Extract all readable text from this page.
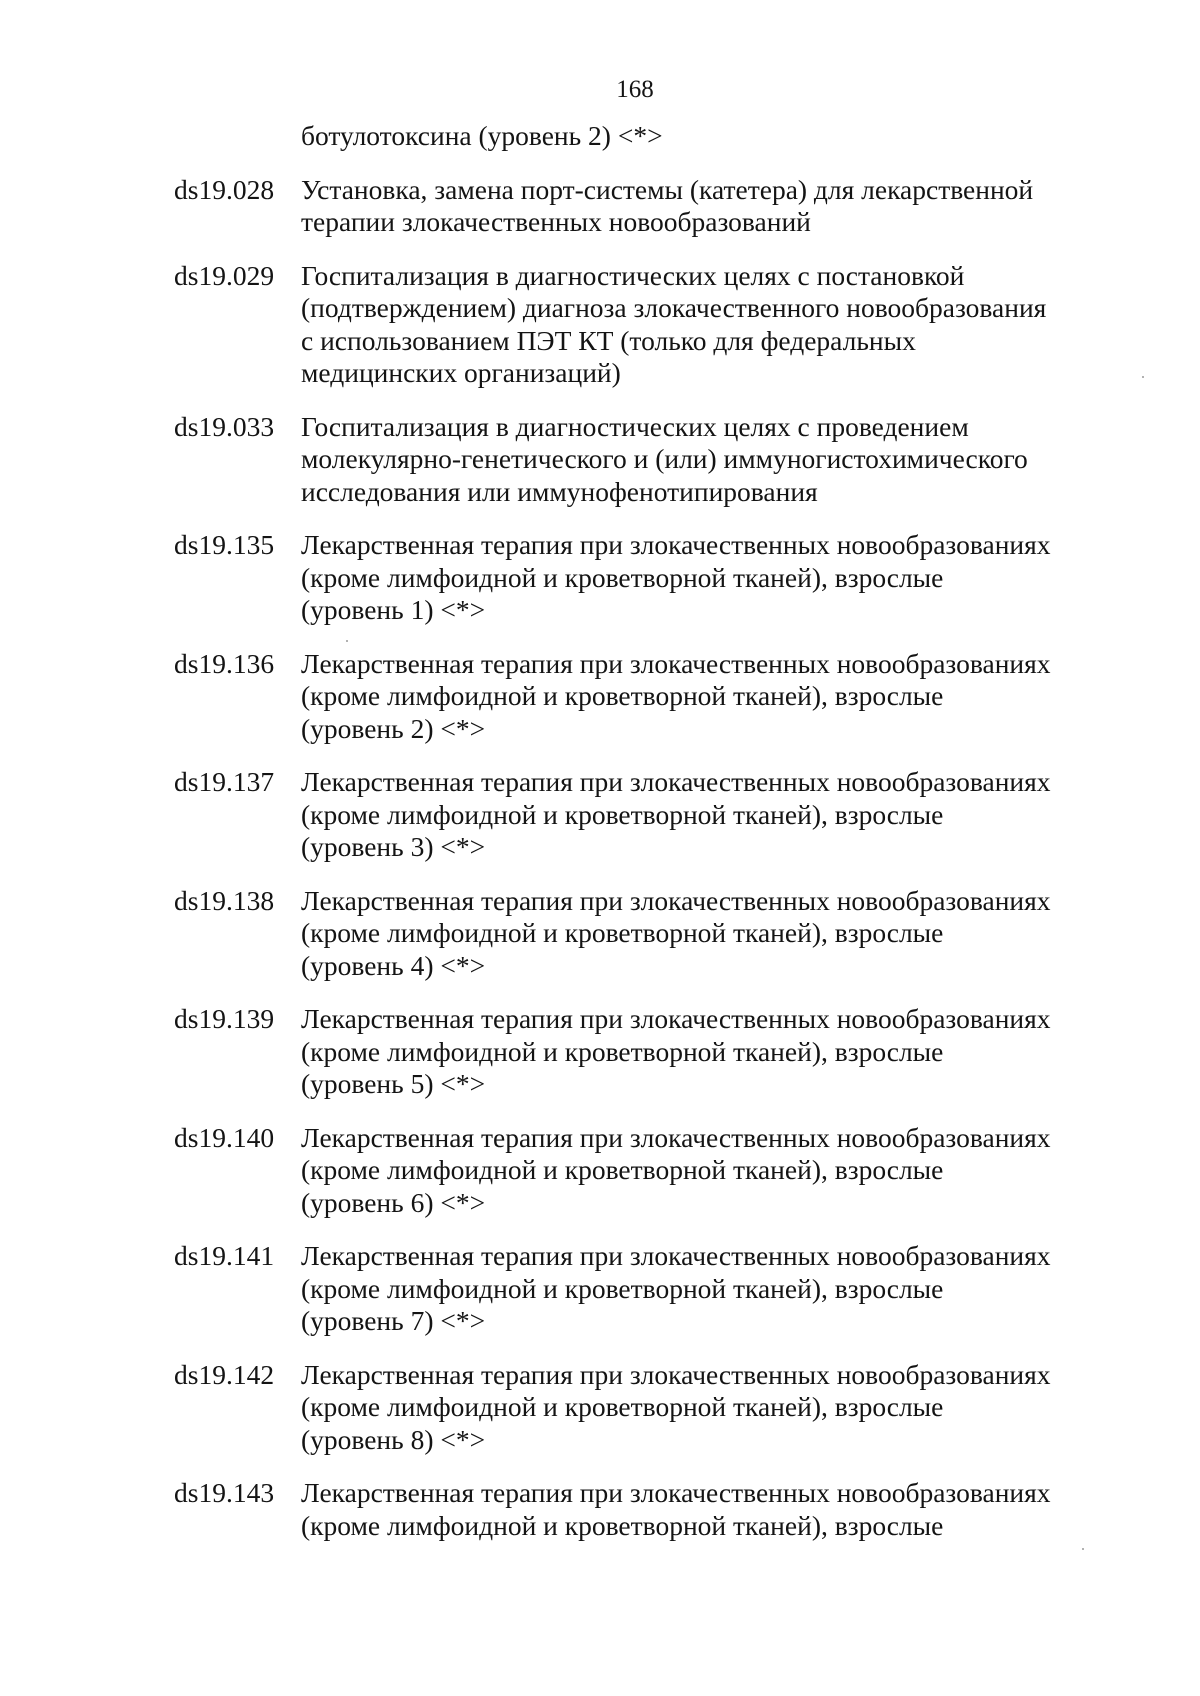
168
ботулотоксина (уровень 2) <*>
ds19.028 Установка, замена порт-системы (катетера) для лекарственной
терапии злокачественных новообразований
ds19.029 Госпитализация в диагностических целях с постановкой
(подтверждением) диагноза злокачественного новообразования
с использованием ПЭТ КТ (только для федеральных
медицинских организаций)
ds19.033 Госпитализация в диагностических целях с проведением
молекулярно-генетического и (или) иммуногистохимического
исследования или иммунофенотипирования
ds19.135 Лекарственная терапия при злокачественных новообразованиях
(кроме лимфоидной и кроветворной тканей), взрослые
(уровень 1) <*>
ds19.136 Лекарственная терапия при злокачественных новообразованиях
(кроме лимфоидной и кроветворной тканей), взрослые
(уровень 2) <*>
ds19.137 Лекарственная терапия при злокачественных новообразованиях
(кроме лимфоидной и кроветворной тканей), взрослые
(уровень 3) <*>
ds19.138 Лекарственная терапия при злокачественных новообразованиях
(кроме лимфоидной и кроветворной тканей), взрослые
(уровень 4) <*>
ds19.139 Лекарственная терапия при злокачественных новообразованиях
(кроме лимфоидной и кроветворной тканей), взрослые
(уровень 5) <*>
ds19.140 Лекарственная терапия при злокачественных новообразованиях
(кроме лимфоидной и кроветворной тканей), взрослые
(уровень 6) <*>
ds19.141 Лекарственная терапия при злокачественных новообразованиях
(кроме лимфоидной и кроветворной тканей), взрослые
(уровень 7) <*>
ds19.142 Лекарственная терапия при злокачественных новообразованиях
(кроме лимфоидной и кроветворной тканей), взрослые
(уровень 8) <*>
ds19.143 Лекарственная терапия при злокачественных новообразованиях
(кроме лимфоидной и кроветворной тканей), взрослые
